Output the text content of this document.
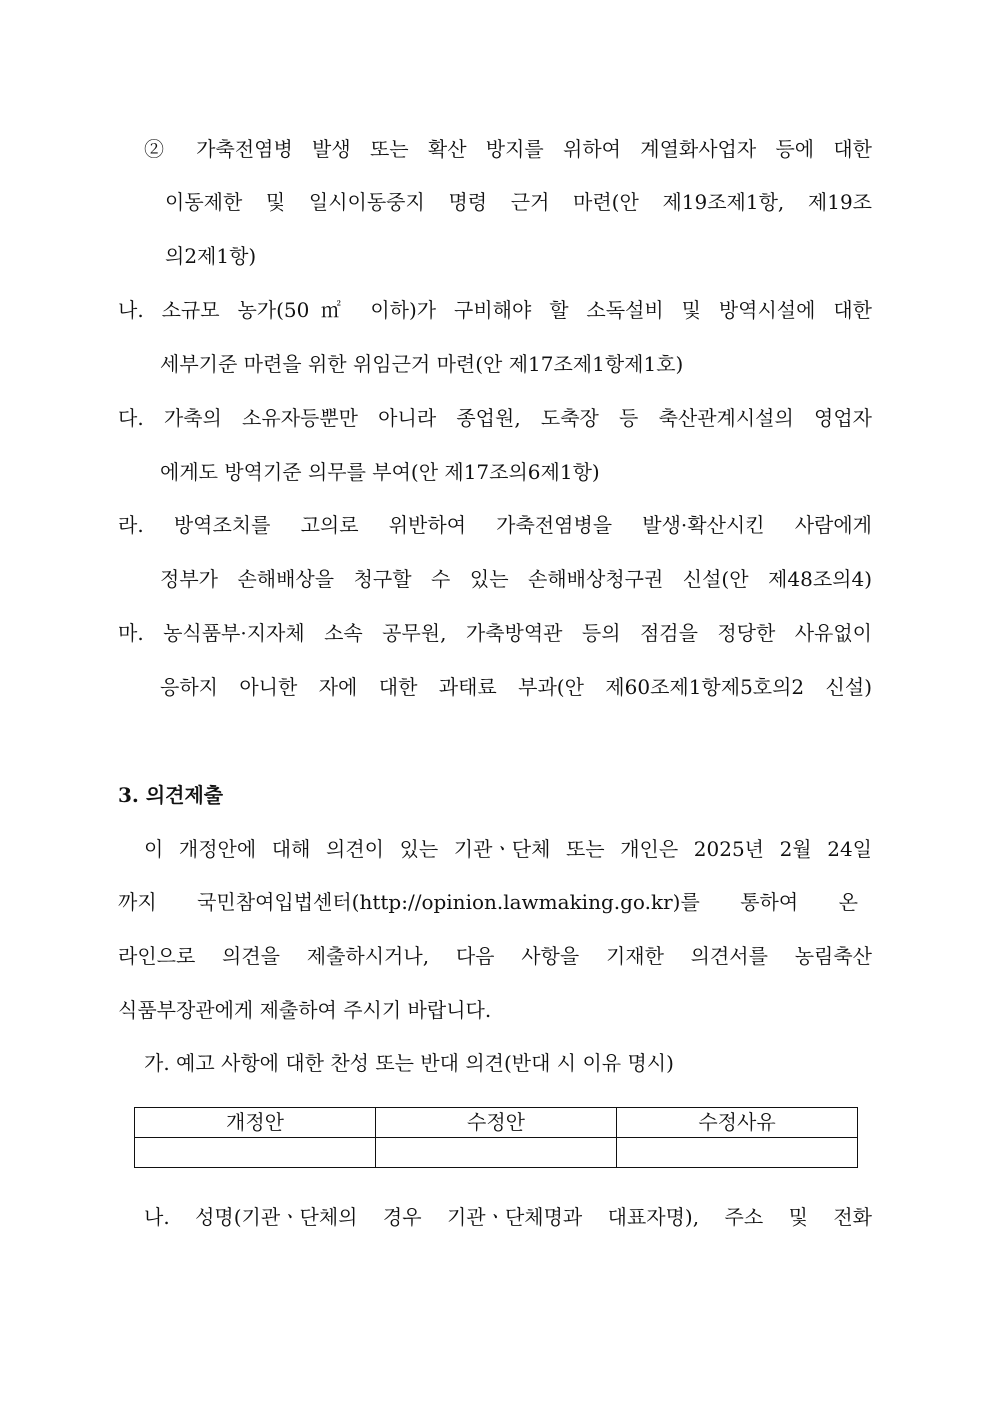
② 가축전염병 발생 또는 확산 방지를 위하여 계열화사업자 등에 대한
이동제한 및 일시이동중지 명령 근거 마련(안 제19조제1항, 제19조
의2제1항)
나. 소규모 농가(50㎡ 이하)가 구비해야 할 소독설비 및 방역시설에 대한
세부기준 마련을 위한 위임근거 마련(안 제17조제1항제1호)
다. 가축의 소유자등뿐만 아니라 종업원, 도축장 등 축산관계시설의 영업자
에게도 방역기준 의무를 부여(안 제17조의6제1항)
라. 방역조치를 고의로 위반하여 가축전염병을 발생·확산시킨 사람에게
정부가 손해배상을 청구할 수 있는 손해배상청구권 신설(안 제48조의4)
마. 농식품부·지자체 소속 공무원, 가축방역관 등의 점검을 정당한 사유없이
응하지 아니한 자에 대한 과태료 부과(안 제60조제1항제5호의2 신설)
3. 의견제출
이 개정안에 대해 의견이 있는 기관ㆍ단체 또는 개인은 2025년 2월 24일
까지 국민참여입법센터(http://opinion.lawmaking.go.kr)를 통하여 온
라인으로 의견을 제출하시거나, 다음 사항을 기재한 의견서를 농림축산
식품부장관에게 제출하여 주시기 바랍니다.
가. 예고 사항에 대한 찬성 또는 반대 의견(반대 시 이유 명시)
개정안	수정안	수정사유

나. 성명(기관ㆍ단체의 경우 기관ㆍ단체명과 대표자명), 주소 및 전화
